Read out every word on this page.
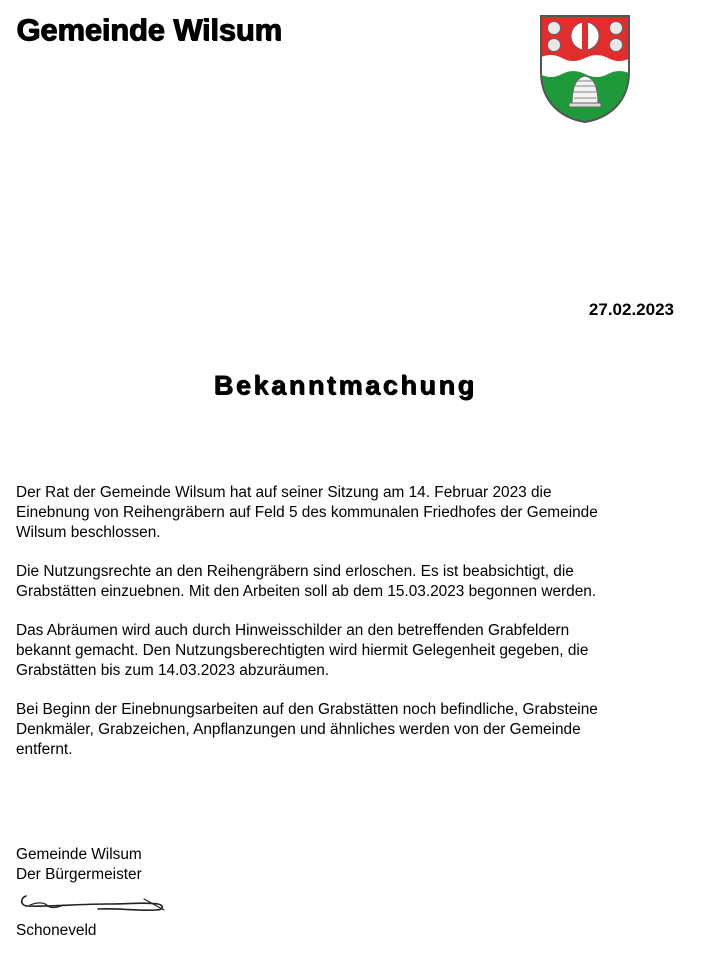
Gemeinde Wilsum
27.02.2023
Bekanntmachung

Der Rat der Gemeinde Wilsum hat auf seiner Sitzung am 14. Februar 2023 die
Einebnung von Reihengräbern auf Feld 5 des kommunalen Friedhofes der Gemeinde
Wilsum beschlossen.

Die Nutzungsrechte an den Reihengräbern sind erloschen. Es ist beabsichtigt, die
Grabstätten einzuebnen. Mit den Arbeiten soll ab dem 15.03.2023 begonnen werden.

Das Abräumen wird auch durch Hinweisschilder an den betreffenden Grabfeldern
bekannt gemacht. Den Nutzungsberechtigten wird hiermit Gelegenheit gegeben, die
Grabstätten bis zum 14.03.2023 abzuräumen.

Bei Beginn der Einebnungsarbeiten auf den Grabstätten noch befindliche, Grabsteine
Denkmäler, Grabzeichen, Anpflanzungen und ähnliches werden von der Gemeinde
entfernt.

Gemeinde Wilsum
Der Bürgermeister
Schoneveld
